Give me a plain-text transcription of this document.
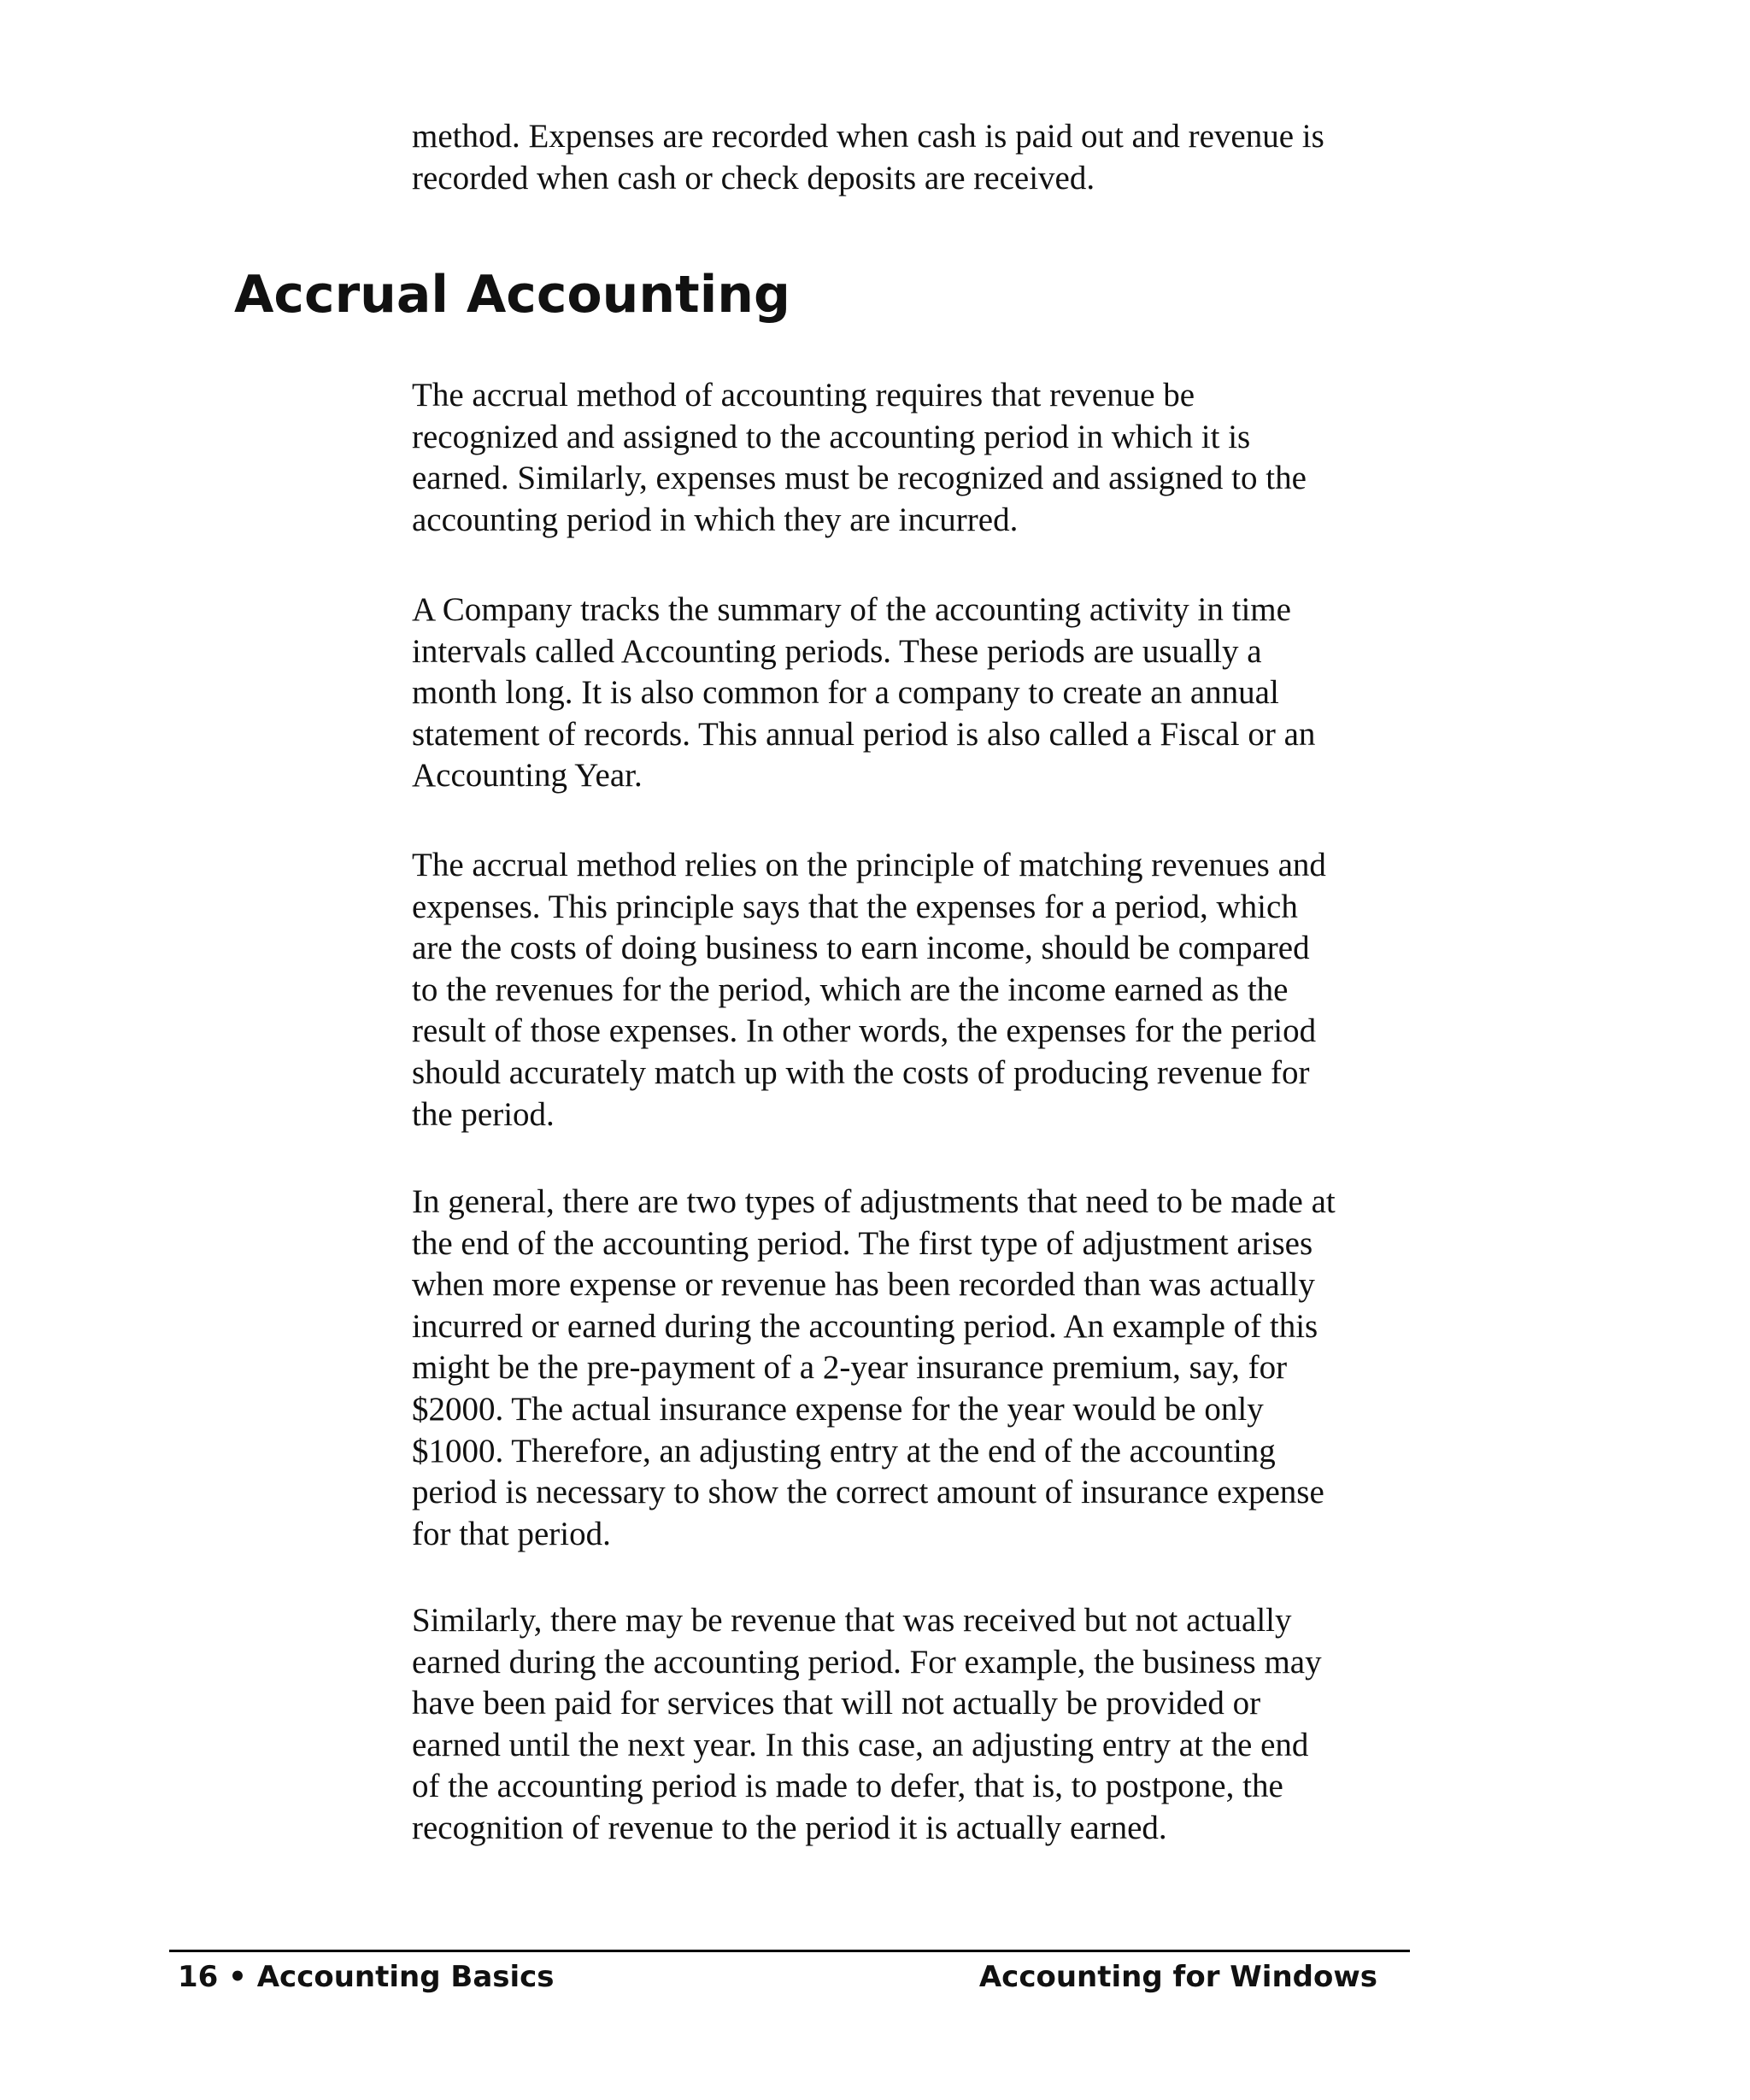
method. Expenses are recorded when cash is paid out and revenue is
recorded when cash or check deposits are received.

Accrual Accounting

The accrual method of accounting requires that revenue be
recognized and assigned to the accounting period in which it is
earned. Similarly, expenses must be recognized and assigned to the
accounting period in which they are incurred.

A Company tracks the summary of the accounting activity in time
intervals called Accounting periods. These periods are usually a
month long. It is also common for a company to create an annual
statement of records. This annual period is also called a Fiscal or an
Accounting Year.

The accrual method relies on the principle of matching revenues and
expenses. This principle says that the expenses for a period, which
are the costs of doing business to earn income, should be compared
to the revenues for the period, which are the income earned as the
result of those expenses. In other words, the expenses for the period
should accurately match up with the costs of producing revenue for
the period.

In general, there are two types of adjustments that need to be made at
the end of the accounting period. The first type of adjustment arises
when more expense or revenue has been recorded than was actually
incurred or earned during the accounting period. An example of this
might be the pre-payment of a 2-year insurance premium, say, for
$2000. The actual insurance expense for the year would be only
$1000. Therefore, an adjusting entry at the end of the accounting
period is necessary to show the correct amount of insurance expense
for that period.

Similarly, there may be revenue that was received but not actually
earned during the accounting period. For example, the business may
have been paid for services that will not actually be provided or
earned until the next year. In this case, an adjusting entry at the end
of the accounting period is made to defer, that is, to postpone, the
recognition of revenue to the period it is actually earned.

16 • Accounting Basics	Accounting for Windows
